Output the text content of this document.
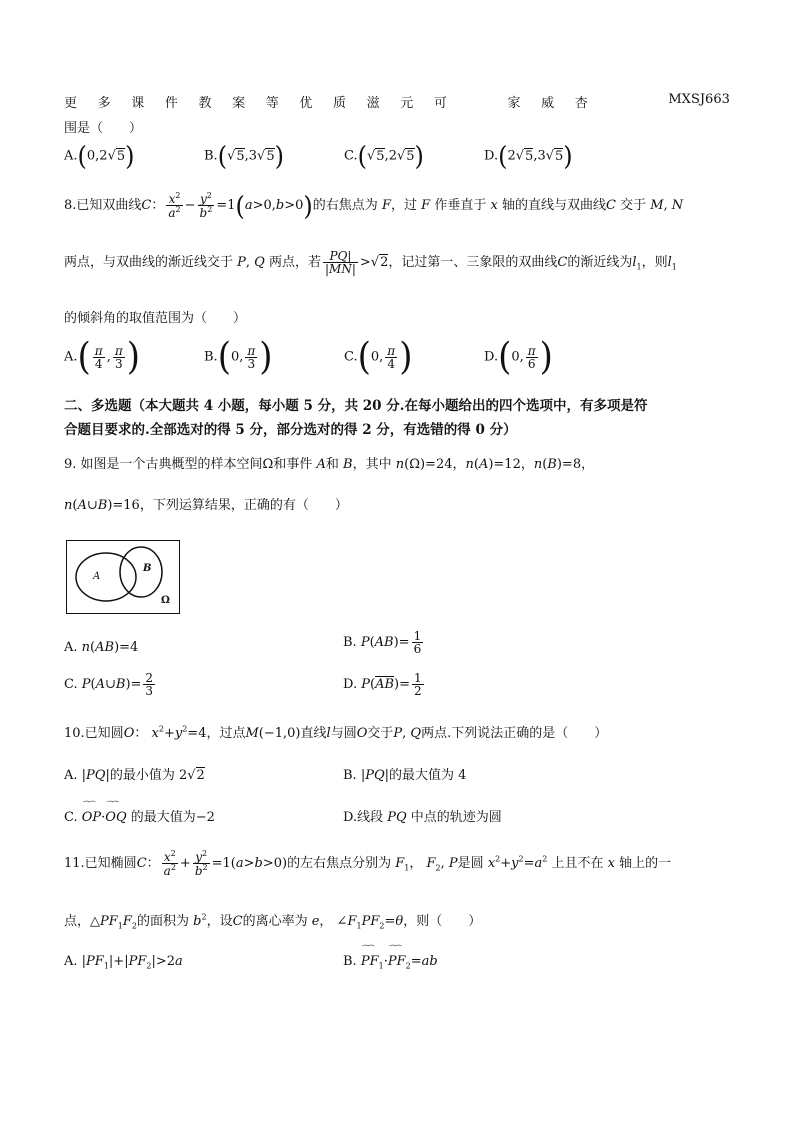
更 多 课 件 教 案 等 优 质 滋 元 可	家 威 杏	MXSJ663
围是（　　）
A.(0,2√5)	B.(√5,3√5)	C.(√5,2√5)	D.(2√5,3√5)
8.已知双曲线C： $\frac{x^2}{a^2} - \frac{y^2}{b^2} =1(a>0,b>0)$的右焦点为 F，过 F 作垂直于 x 轴的直线与双曲线C 交于 M, N
两点，与双曲线的渐近线交于 P, Q 两点，若 $\frac{PQ|}{|MN|} >√2$，记过第一、三象限的双曲线C的渐近线为$l_1$，则$l_1$
的倾斜角的取值范围为（　　）
$A.( \frac{\pi}{4}$ , $\frac{\pi}{3}$ )	B.(0, $\frac{\pi}{3}$ )	C.(0, $\frac{\pi}{4}$ )	D.(0, $\frac{\pi}{6}$ )
二、多选题（本大题共 4 小题，每小题 5 分，共 20 分.在每小题给出的四个选项中，有多项是符
合题目要求的.全部选对的得 5 分，部分选对的得 2 分，有选错的得 0 分）
9. 如图是一个古典概型的样本空间Ω和事件 A和 B，其中 n(Ω)=24，n(A)=12，n(B)=8，
n(A∪B)=16，下列运算结果，正确的有（　　）
A
B
Ω
A. n(AB)=4	B. $P(AB)= \frac{1}{6}$
C. P(A∪B)= $\frac{2}{3}$	D. $P(AB)= \frac{1}{2}$
10.已知圆O： $x^2+y^2=4$，过点M(−1,0)直线l与圆O交于P, Q两点.下列说法正确的是（　　）
A. |PQ|的最小值为 2√2	B. |PQ|的最大值为 4
C. ⏜⏜ OP·⏜⏜ OQ 的最大值为−2	D.线段 PQ 中点的轨迹为圆
11.已知椭圆C： $\frac{x^2}{a^2} + \frac{y^2}{b^2} =1(a>b>0)$的左右焦点分别为 $F_1$， $F_2$, P是圆 $x^2+y^2=a^2$ 上且不在 x 轴上的一
点，$\triangle PF_1F_2$的面积为 $b^2$，设C的离心率为 e， $\angle F_1PF_2=\theta$，则（　　）
A. $|PF_1|+|PF_2|>2a$	B. ⏜⏜ $PF_1\cdot⏜⏜$ $PF_2=ab$
